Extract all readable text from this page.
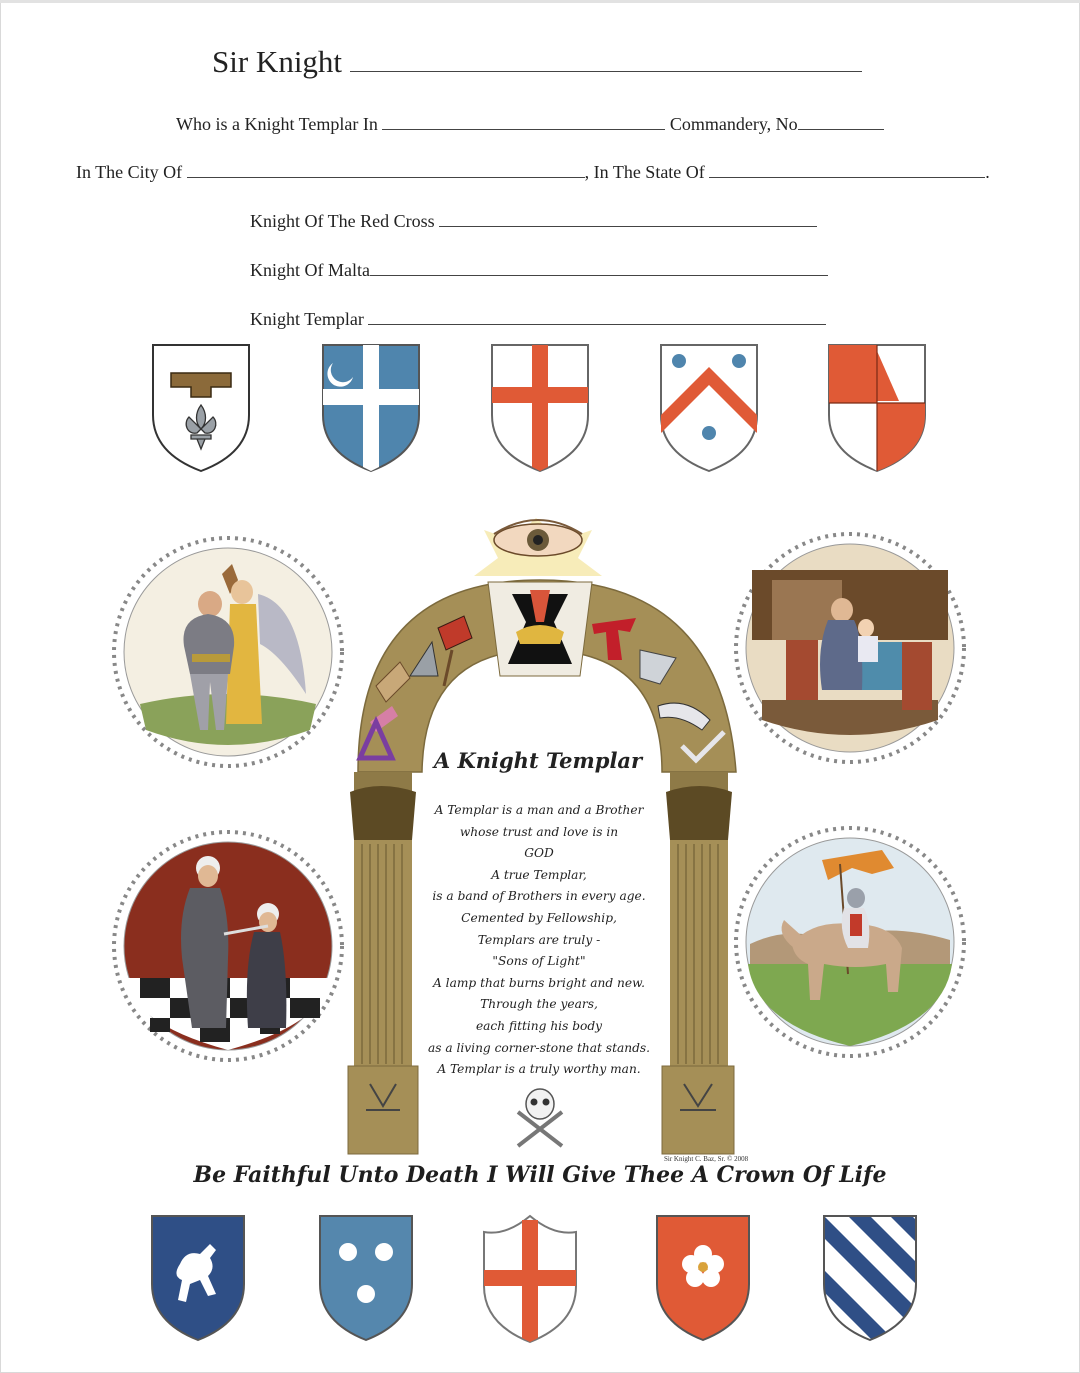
Sir Knight
Who is a Knight Templar In	Commandery, No
In The City Of	, In The State Of	.
Knight Of The Red Cross
Knight Of Malta
Knight Templar
A Knight Templar
A Templar is a man and a Brother
whose trust and love is in
GOD
A true Templar,
is a band of Brothers in every age.
Cemented by Fellowship,
Templars are truly -
"Sons of Light"
A lamp that burns bright and new.
Through the years,
each fitting his body
as a living corner-stone that stands.
A Templar is a truly worthy man.
Sir Knight C. Baz, Sr. © 2008
Be Faithful Unto Death I Will Give Thee A Crown Of Life
